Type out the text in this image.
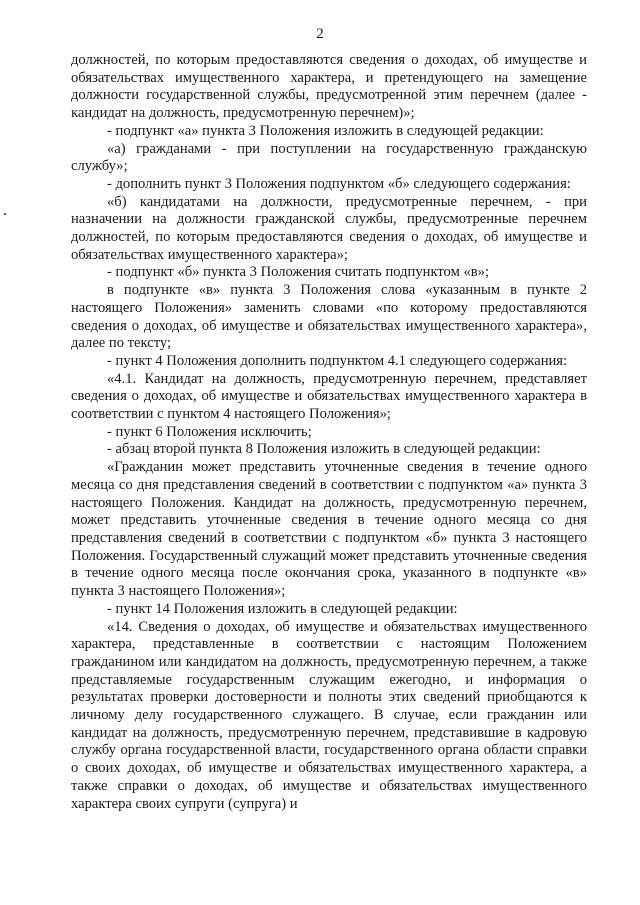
2

должностей, по которым предоставляются сведения о доходах, об имуществе и обязательствах имущественного характера, и претендующего на замещение должности государственной службы, предусмотренной этим перечнем (далее - кандидат на должность, предусмотренную перечнем)»;

- подпункт «а» пункта 3 Положения изложить в следующей редакции:

«а) гражданами - при поступлении на государственную гражданскую службу»;

- дополнить пункт 3 Положения подпунктом «б» следующего содержания:

«б) кандидатами на должности, предусмотренные перечнем, - при назначении на должности гражданской службы, предусмотренные перечнем должностей, по которым предоставляются сведения о доходах, об имуществе и обязательствах имущественного характера»;

- подпункт «б» пункта 3 Положения считать подпунктом «в»;

в подпункте «в» пункта 3 Положения слова «указанным в пункте 2 настоящего Положения» заменить словами «по которому предоставляются сведения о доходах, об имуществе и обязательствах имущественного характера», далее по тексту;

- пункт 4 Положения дополнить подпунктом 4.1 следующего содержания:

«4.1. Кандидат на должность, предусмотренную перечнем, представляет сведения о доходах, об имуществе и обязательствах имущественного характера в соответствии с пунктом 4 настоящего Положения»;

- пункт 6 Положения исключить;

- абзац второй пункта 8 Положения изложить в следующей редакции:

«Гражданин может представить уточненные сведения в течение одного месяца со дня представления сведений в соответствии с подпунктом «а» пункта 3 настоящего Положения. Кандидат на должность, предусмотренную перечнем, может представить уточненные сведения в течение одного месяца со дня представления сведений в соответствии с подпунктом «б» пункта 3 настоящего Положения. Государственный служащий может представить уточненные сведения в течение одного месяца после окончания срока, указанного в подпункте «в» пункта 3 настоящего Положения»;

- пункт 14 Положения изложить в следующей редакции:

«14. Сведения о доходах, об имуществе и обязательствах имущественного характера, представленные в соответствии с настоящим Положением гражданином или кандидатом на должность, предусмотренную перечнем, а также представляемые государственным служащим ежегодно, и информация о результатах проверки достоверности и полноты этих сведений приобщаются к личному делу государственного служащего. В случае, если гражданин или кандидат на должность, предусмотренную перечнем, представившие в кадровую службу органа государственной власти, государственного органа области справки о своих доходах, об имуществе и обязательствах имущественного характера, а также справки о доходах, об имуществе и обязательствах имущественного характера своих супруги (супруга) и
